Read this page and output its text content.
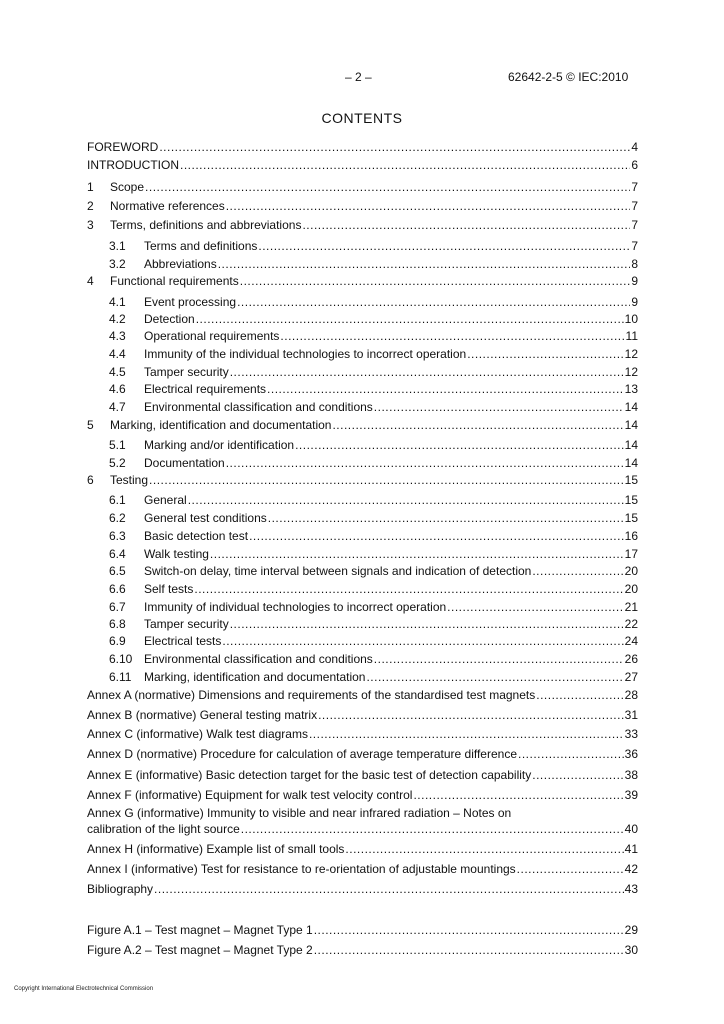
– 2 –	62642-2-5 © IEC:2010
CONTENTS
FOREWORD .....	4
INTRODUCTION .....	6
1	Scope .....	7
2	Normative references .....	7
3	Terms, definitions and abbreviations .....	7
3.1	Terms and definitions .....	7
3.2	Abbreviations .....	8
4	Functional requirements .....	9
4.1	Event processing .....	9
4.2	Detection .....	10
4.3	Operational requirements .....	11
4.4	Immunity of the individual technologies to incorrect operation .....	12
4.5	Tamper security .....	12
4.6	Electrical requirements .....	13
4.7	Environmental classification and conditions .....	14
5	Marking, identification and documentation .....	14
5.1	Marking and/or identification .....	14
5.2	Documentation .....	14
6	Testing .....	15
6.1	General .....	15
6.2	General test conditions .....	15
6.3	Basic detection test .....	16
6.4	Walk testing .....	17
6.5	Switch-on delay, time interval between signals and indication of detection .....	20
6.6	Self tests .....	20
6.7	Immunity of individual technologies to incorrect operation .....	21
6.8	Tamper security .....	22
6.9	Electrical tests .....	24
6.10 Environmental classification and conditions .....	26
6.11	Marking, identification and documentation .....	27
Annex A (normative) Dimensions and requirements of the standardised test magnets .....	28
Annex B (normative) General testing matrix .....	31
Annex C (informative) Walk test diagrams .....	33
Annex D (normative) Procedure for calculation of average temperature difference .....	36
Annex E (informative) Basic detection target for the basic test of detection capability .....	38
Annex F (informative) Equipment for walk test velocity control .....	39
Annex G (informative) Immunity to visible and near infrared radiation – Notes on
calibration of the light source .....	40
Annex H (informative) Example list of small tools .....	41
Annex I (informative) Test for resistance to re-orientation of adjustable mountings .....	42
Bibliography .....	43
Figure A.1 – Test magnet – Magnet Type 1 .....	29
Figure A.2 – Test magnet – Magnet Type 2 .....	30
Copyright International Electrotechnical Commission
